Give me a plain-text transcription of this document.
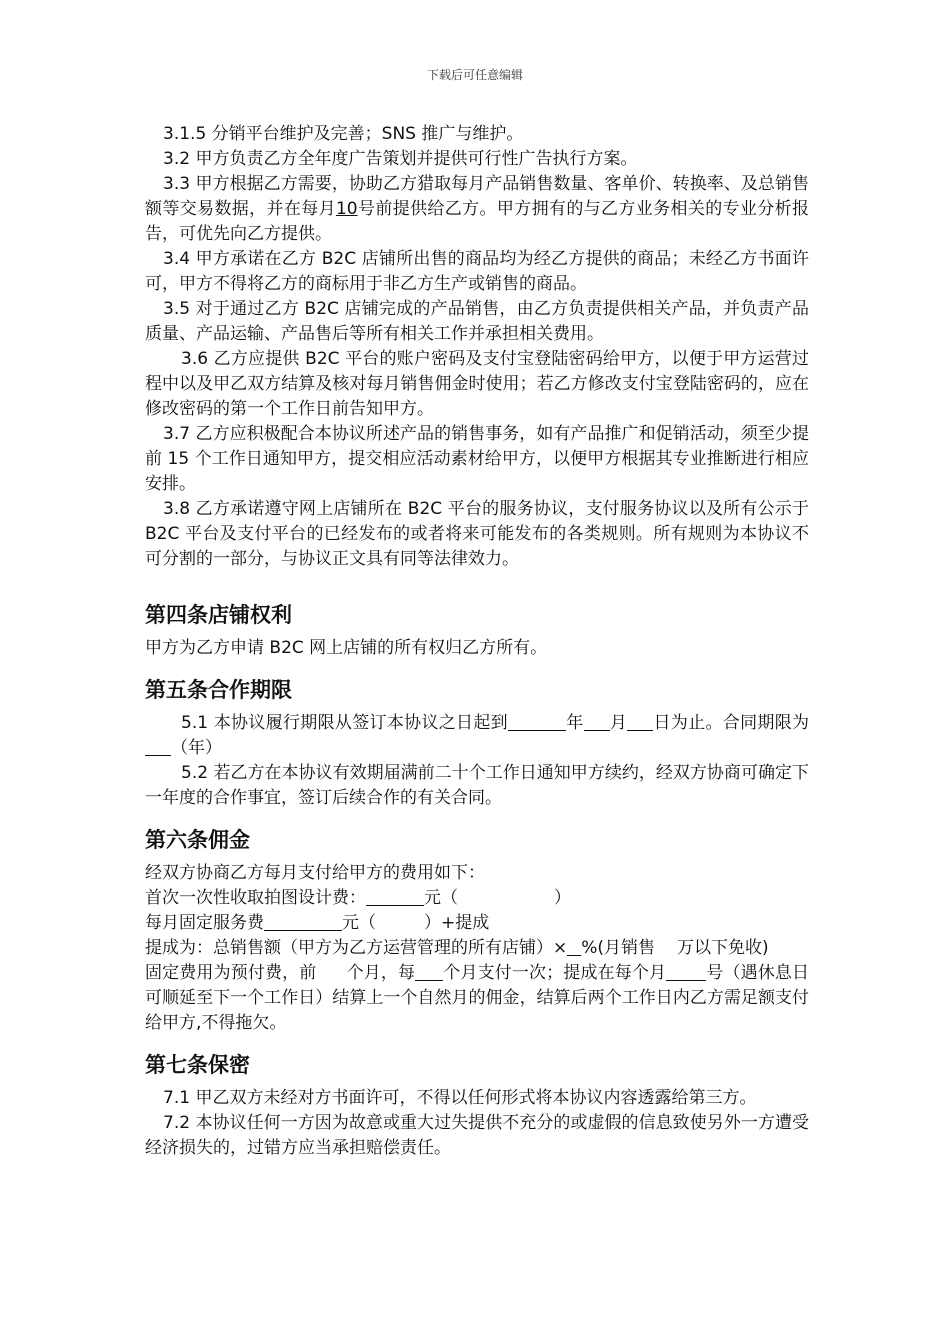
下载后可任意编辑

3.1.5 分销平台维护及完善；SNS 推广与维护。

3.2 甲方负责乙方全年度广告策划并提供可行性广告执行方案。

3.3 甲方根据乙方需要，协助乙方猎取每月产品销售数量、客单价、转换率、及总销售额等交易数据，并在每月10号前提供给乙方。甲方拥有的与乙方业务相关的专业分析报告，可优先向乙方提供。

3.4 甲方承诺在乙方 B2C 店铺所出售的商品均为经乙方提供的商品；未经乙方书面许可，甲方不得将乙方的商标用于非乙方生产或销售的商品。

3.5 对于通过乙方 B2C 店铺完成的产品销售，由乙方负责提供相关产品，并负责产品质量、产品运输、产品售后等所有相关工作并承担相关费用。

3.6 乙方应提供 B2C 平台的账户密码及支付宝登陆密码给甲方，以便于甲方运营过程中以及甲乙双方结算及核对每月销售佣金时使用；若乙方修改支付宝登陆密码的，应在修改密码的第一个工作日前告知甲方。

3.7 乙方应积极配合本协议所述产品的销售事务，如有产品推广和促销活动，须至少提前 15 个工作日通知甲方，提交相应活动素材给甲方，以便甲方根据其专业推断进行相应安排。

3.8 乙方承诺遵守网上店铺所在 B2C 平台的服务协议，支付服务协议以及所有公示于 B2C 平台及支付平台的已经发布的或者将来可能发布的各类规则。所有规则为本协议不可分割的一部分，与协议正文具有同等法律效力。

第四条店铺权利

甲方为乙方申请 B2C 网上店铺的所有权归乙方所有。

第五条合作期限

5.1 本协议履行期限从签订本协议之日起到	年 月 日为止。合同期限为（年）

5.2 若乙方在本协议有效期届满前二十个工作日通知甲方续约，经双方协商可确定下一年度的合作事宜，签订后续合作的有关合同。

第六条佣金

经双方协商乙方每月支付给甲方的费用如下：

首次一次性收取拍图设计费：	元（	）

每月固定服务费	元（	）+提成

提成为：总销售额（甲方为乙方运营管理的所有店铺）× %(月销售 万以下免收)

固定费用为预付费，前 个月，每 个月支付一次；提成在每个月 号（遇休息日可顺延至下一个工作日）结算上一个自然月的佣金，结算后两个工作日内乙方需足额支付给甲方,不得拖欠。

第七条保密

7.1 甲乙双方未经对方书面许可，不得以任何形式将本协议内容透露给第三方。

7.2 本协议任何一方因为故意或重大过失提供不充分的或虚假的信息致使另外一方遭受经济损失的，过错方应当承担赔偿责任。
